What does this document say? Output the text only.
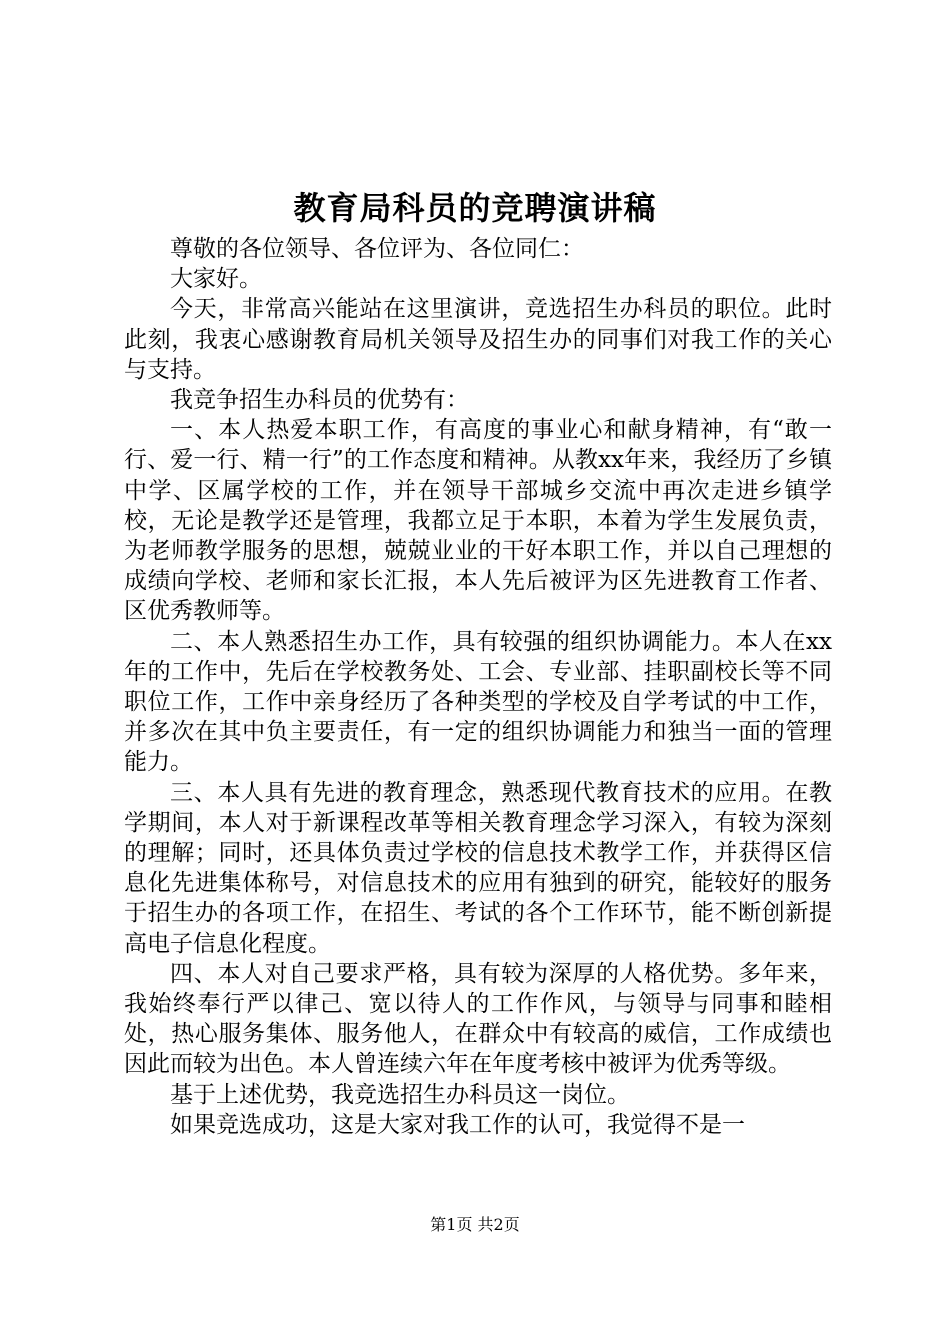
教育局科员的竞聘演讲稿

尊敬的各位领导、各位评为、各位同仁：

大家好。

今天，非常高兴能站在这里演讲，竞选招生办科员的职位。此时此刻，我衷心感谢教育局机关领导及招生办的同事们对我工作的关心与支持。

我竞争招生办科员的优势有：

一、本人热爱本职工作，有高度的事业心和献身精神，有“敢一行、爱一行、精一行”的工作态度和精神。从教xx年来，我经历了乡镇中学、区属学校的工作，并在领导干部城乡交流中再次走进乡镇学校，无论是教学还是管理，我都立足于本职，本着为学生发展负责，为老师教学服务的思想，兢兢业业的干好本职工作，并以自己理想的成绩向学校、老师和家长汇报，本人先后被评为区先进教育工作者、区优秀教师等。

二、本人熟悉招生办工作，具有较强的组织协调能力。本人在xx年的工作中，先后在学校教务处、工会、专业部、挂职副校长等不同职位工作，工作中亲身经历了各种类型的学校及自学考试的中工作，并多次在其中负主要责任，有一定的组织协调能力和独当一面的管理能力。

三、本人具有先进的教育理念，熟悉现代教育技术的应用。在教学期间，本人对于新课程改革等相关教育理念学习深入，有较为深刻的理解；同时，还具体负责过学校的信息技术教学工作，并获得区信息化先进集体称号，对信息技术的应用有独到的研究，能较好的服务于招生办的各项工作，在招生、考试的各个工作环节，能不断创新提高电子信息化程度。

四、本人对自己要求严格，具有较为深厚的人格优势。多年来，我始终奉行严以律己、宽以待人的工作作风，与领导与同事和睦相处，热心服务集体、服务他人，在群众中有较高的威信，工作成绩也因此而较为出色。本人曾连续六年在年度考核中被评为优秀等级。

基于上述优势，我竞选招生办科员这一岗位。

如果竞选成功，这是大家对我工作的认可，我觉得不是一

第1页 共2页
